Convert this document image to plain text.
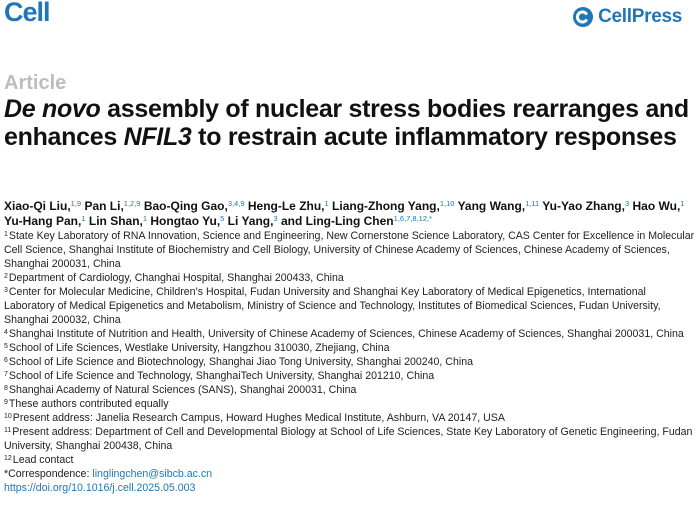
Cell	CellPress
Article
De novo assembly of nuclear stress bodies rearranges and enhances NFIL3 to restrain acute inflammatory responses
Xiao-Qi Liu,$^{1,9}$ Pan Li,$^{1,2,9}$ Bao-Qing Gao,$^{3,4,9}$ Heng-Le Zhu,$^1$ Liang-Zhong Yang,$^{1,10}$ Yang Wang,$^{1,11}$ Yu-Yao Zhang,$^3$ Hao Wu,$^1$ Yu-Hang Pan,$^1$ Lin Shan,$^1$ Hongtao Yu,$^5$ Li Yang,$^3$ and Ling-Ling Chen$^{1,6,7,8,12,*}$

$^1$State Key Laboratory of RNA Innovation, Science and Engineering, New Cornerstone Science Laboratory, CAS Center for Excellence in Molecular Cell Science, Shanghai Institute of Biochemistry and Cell Biology, University of Chinese Academy of Sciences, Chinese Academy of Sciences, Shanghai 200031, China

$^2$Department of Cardiology, Changhai Hospital, Shanghai 200433, China

$^3$Center for Molecular Medicine, Children’s Hospital, Fudan University and Shanghai Key Laboratory of Medical Epigenetics, International Laboratory of Medical Epigenetics and Metabolism, Ministry of Science and Technology, Institutes of Biomedical Sciences, Fudan University, Shanghai 200032, China

$^4$Shanghai Institute of Nutrition and Health, University of Chinese Academy of Sciences, Chinese Academy of Sciences, Shanghai 200031, China

$^5$School of Life Sciences, Westlake University, Hangzhou 310030, Zhejiang, China

$^6$School of Life Science and Biotechnology, Shanghai Jiao Tong University, Shanghai 200240, China

$^7$School of Life Science and Technology, ShanghaiTech University, Shanghai 201210, China

$^8$Shanghai Academy of Natural Sciences (SANS), Shanghai 200031, China

$^9$These authors contributed equally

$^{10}$Present address: Janelia Research Campus, Howard Hughes Medical Institute, Ashburn, VA 20147, USA

$^{11}$Present address: Department of Cell and Developmental Biology at School of Life Sciences, State Key Laboratory of Genetic Engineering, Fudan University, Shanghai 200438, China

$^{12}$Lead contact

*Correspondence: linglingchen@sibcb.ac.cn

https://doi.org/10.1016/j.cell.2025.05.003
